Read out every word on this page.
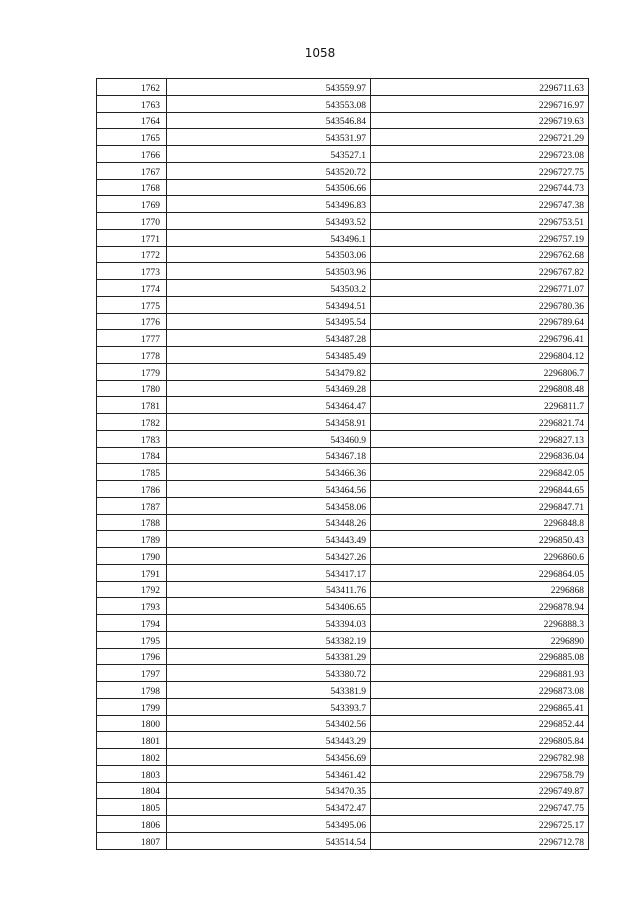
1058
1762	543559.97	2296711.63
1763	543553.08	2296716.97
1764	543546.84	2296719.63
1765	543531.97	2296721.29
1766	543527.1	2296723.08
1767	543520.72	2296727.75
1768	543506.66	2296744.73
1769	543496.83	2296747.38
1770	543493.52	2296753.51
1771	543496.1	2296757.19
1772	543503.06	2296762.68
1773	543503.96	2296767.82
1774	543503.2	2296771.07
1775	543494.51	2296780.36
1776	543495.54	2296789.64
1777	543487.28	2296796.41
1778	543485.49	2296804.12
1779	543479.82	2296806.7
1780	543469.28	2296808.48
1781	543464.47	2296811.7
1782	543458.91	2296821.74
1783	543460.9	2296827.13
1784	543467.18	2296836.04
1785	543466.36	2296842.05
1786	543464.56	2296844.65
1787	543458.06	2296847.71
1788	543448.26	2296848.8
1789	543443.49	2296850.43
1790	543427.26	2296860.6
1791	543417.17	2296864.05
1792	543411.76	2296868
1793	543406.65	2296878.94
1794	543394.03	2296888.3
1795	543382.19	2296890
1796	543381.29	2296885.08
1797	543380.72	2296881.93
1798	543381.9	2296873.08
1799	543393.7	2296865.41
1800	543402.56	2296852.44
1801	543443.29	2296805.84
1802	543456.69	2296782.98
1803	543461.42	2296758.79
1804	543470.35	2296749.87
1805	543472.47	2296747.75
1806	543495.06	2296725.17
1807	543514.54	2296712.78
